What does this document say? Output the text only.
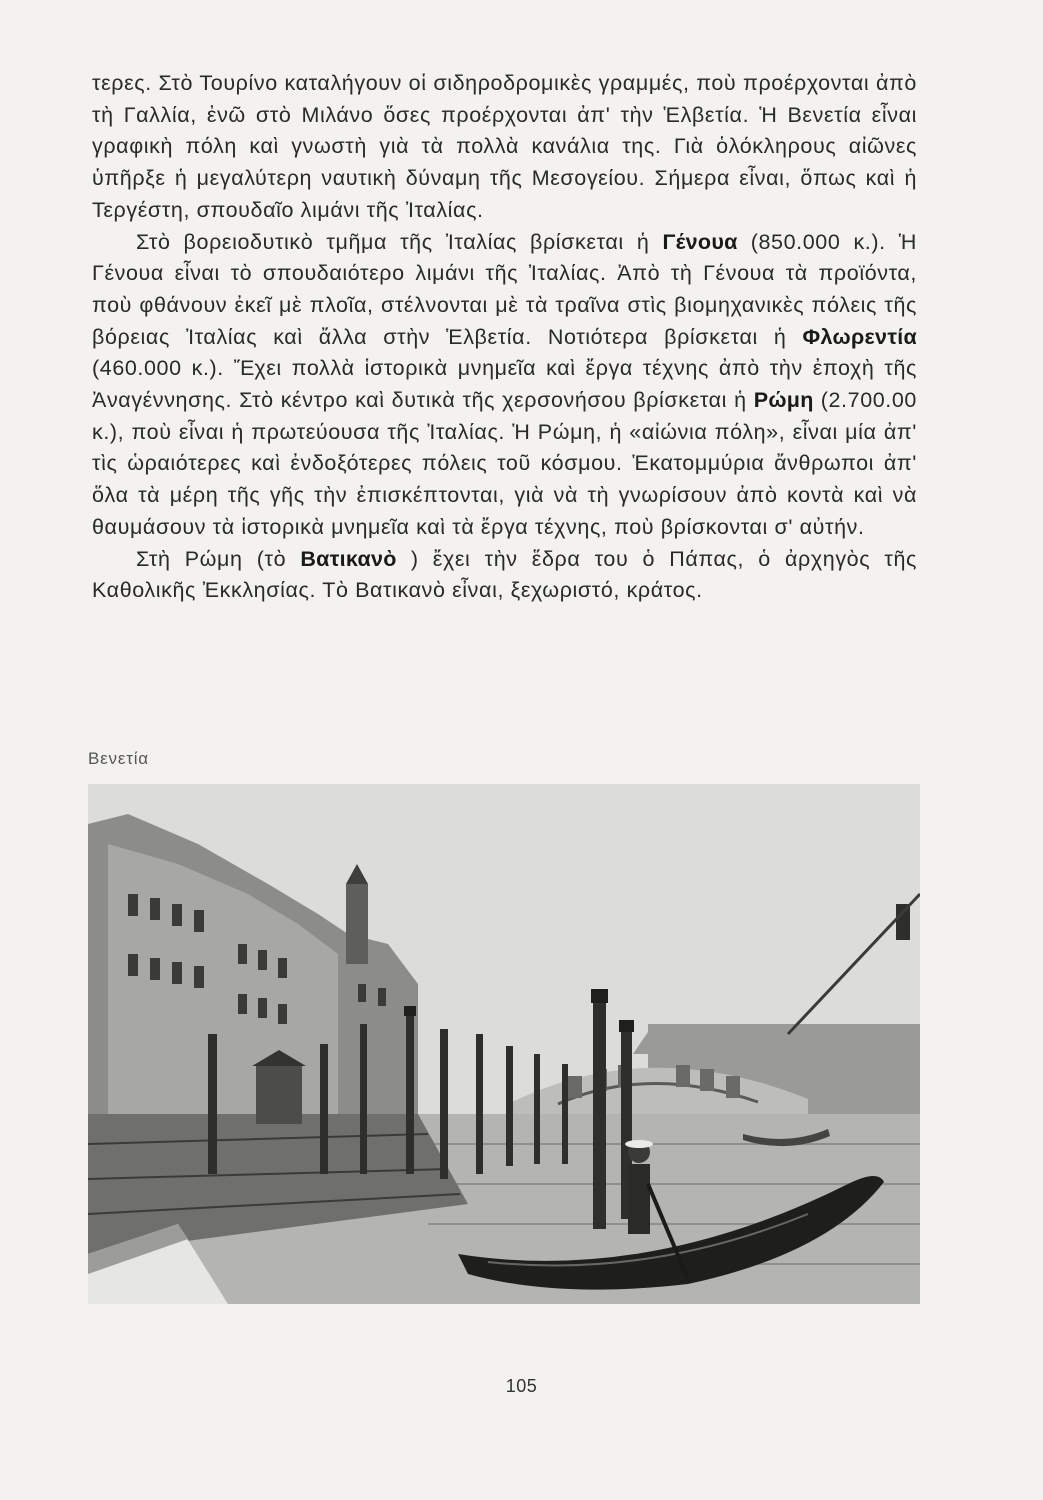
τερες. Στὸ Τουρίνο καταλήγουν οἱ σιδηροδρομικὲς γραμμές, ποὺ προέρχονται ἀπὸ τὴ Γαλλία, ἐνῶ στὸ Μιλάνο ὅσες προέρχονται ἀπ' τὴν Ἑλβετία. Ἡ Βενετία εἶναι γραφικὴ πόλη καὶ γνωστὴ γιὰ τὰ πολλὰ κανάλια της. Γιὰ ὁλόκληρους αἰῶνες ὑπῆρξε ἡ μεγαλύτερη ναυτικὴ δύναμη τῆς Μεσογείου. Σήμερα εἶναι, ὅπως καὶ ἡ Τεργέστη, σπουδαῖο λιμάνι τῆς Ἰταλίας.

Στὸ βορειοδυτικὸ τμῆμα τῆς Ἰταλίας βρίσκεται ἡ Γένουα (850.000 κ.). Ἡ Γένουα εἶναι τὸ σπουδαιότερο λιμάνι τῆς Ἰταλίας. Ἀπὸ τὴ Γένουα τὰ προϊόντα, ποὺ φθάνουν ἐκεῖ μὲ πλοῖα, στέλνονται μὲ τὰ τραῖνα στὶς βιομηχανικὲς πόλεις τῆς βόρειας Ἰταλίας καὶ ἄλλα στὴν Ἑλβετία. Νοτιότερα βρίσκεται ἡ Φλωρεντία (460.000 κ.). Ἔχει πολλὰ ἱστορικὰ μνημεῖα καὶ ἔργα τέχνης ἀπὸ τὴν ἐποχὴ τῆς Ἀναγέννησης. Στὸ κέντρο καὶ δυτικὰ τῆς χερσονήσου βρίσκεται ἡ Ρώμη (2.700.00 κ.), ποὺ εἶναι ἡ πρωτεύουσα τῆς Ἰταλίας. Ἡ Ρώμη, ἡ «αἰώνια πόλη», εἶναι μία ἀπ' τὶς ὡραιότερες καὶ ἐνδοξότερες πόλεις τοῦ κόσμου. Ἑκατομμύρια ἄνθρωποι ἀπ' ὅλα τὰ μέρη τῆς γῆς τὴν ἐπισκέπτονται, γιὰ νὰ τὴ γνωρίσουν ἀπὸ κοντὰ καὶ νὰ θαυμάσουν τὰ ἱστορικὰ μνημεῖα καὶ τὰ ἔργα τέχνης, ποὺ βρίσκονται σ' αὐτήν.

Στὴ Ρώμη (τὸ Βατικανὸ ) ἔχει τὴν ἕδρα του ὁ Πάπας, ὁ ἀρχηγὸς τῆς Καθολικῆς Ἐκκλησίας. Τὸ Βατικανὸ εἶναι, ξεχωριστό, κράτος.

Βενετία
105
